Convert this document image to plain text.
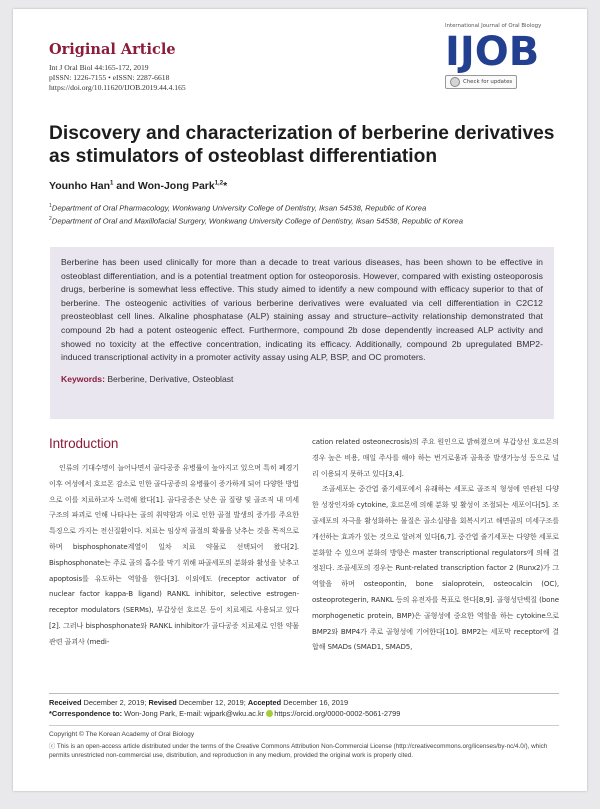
Original Article
Int J Oral Biol 44:165-172, 2019
pISSN: 1226-7155 • eISSN: 2287-6618
https://doi.org/10.11620/IJOB.2019.44.4.165
International Journal of Oral Biology
IJOB
Check for updates
Discovery and characterization of berberine derivatives as stimulators of osteoblast differentiation
Younho Han$^1$ and Won-Jong Park$^{1,2}$*
$^1$Department of Oral Pharmacology, Wonkwang University College of Dentistry, Iksan 54538, Republic of Korea
$^2$Department of Oral and Maxillofacial Surgery, Wonkwang University College of Dentistry, Iksan 54538, Republic of Korea
Berberine has been used clinically for more than a decade to treat various diseases, has been shown to be effective in osteoblast differentiation, and is a potential treatment option for osteoporosis. However, compared with existing osteoporosis drugs, berberine is somewhat less effective. This study aimed to identify a new compound with efficacy superior to that of berberine. The osteogenic activities of various berberine derivatives were evaluated via cell differentiation in C2C12 preosteoblast cell lines. Alkaline phosphatase (ALP) staining assay and structure–activity relationship demonstrated that compound 2b had a potent osteogenic effect. Furthermore, compound 2b dose dependently increased ALP activity and showed no toxicity at the effective concentration, indicating its efficacy. Additionally, compound 2b upregulated BMP2-induced transcriptional activity in a promoter activity assay using ALP, BSP, and OC promoters.
Keywords: Berberine, Derivative, Osteoblast
Introduction

인류의 기대수명이 늘어나면서 골다공증 유병률이 높아지고 있으며 특히 폐경기 이후 여성에서 호르몬 감소로 인한 골다공증의 유병률이 증가하게 되어 다양한 방법으로 이를 치료하고자 노력해 왔다[1]. 골다공증은 낮은 골 질량 및 골조직 내 미세구조의 파괴로 인해 나타나는 골의 취약함과 이로 인한 골절 발생의 증가를 주요한 특징으로 가지는 전신질환이다. 치료는 임상적 골절의 확률을 낮추는 것을 목적으로 하며 bisphosphonate계열이 일차 치료 약물로 선택되어 왔다[2]. Bisphosphonate는 주로 골의 흡수를 막기 위해 파골세포의 분화와 활성을 낮추고 apoptosis를 유도하는 역할을 한다[3]. 이외에도 (receptor activator of nuclear factor kappa-B ligand) RANKL inhibitor, selective estrogen-receptor modulators (SERMs), 부갑상선 호르몬 등이 치료제로 사용되고 있다[2]. 그러나 bisphosphonate와 RANKL inhibitor가 골다공증 치료제로 인한 약물 관련 골괴사 (medi-

cation related osteonecrosis)의 주요 원인으로 밝혀졌으며 부갑상선 호르몬의 경우 높은 비용, 매일 주사를 해야 하는 번거로움과 골육종 발생가능성 등으로 널리 이용되지 못하고 있다[3,4].

조골세포는 중간엽 줄기세포에서 유래하는 세포로 골조직 형성에 연관된 다양한 성장인자와 cytokine, 호르몬에 의해 분화 및 활성이 조절되는 세포이다[5]. 조골세포의 자극을 활성화하는 물질은 골소실량을 회복시키고 해면골의 미세구조를 개선하는 효과가 있는 것으로 알려져 있다[6,7]. 중간엽 줄기세포는 다양한 세포로 분화할 수 있으며 분화의 방향은 master transcriptional regulators에 의해 결정된다. 조골세포의 경우는 Runt-related transcription factor 2 (Runx2)가 그 역할을 하며 osteopontin, bone sialoprotein, osteocalcin (OC), osteoprotegerin, RANKL 등의 유전자를 목표로 한다[8,9]. 골형성단백질 (bone morphogenetic protein, BMP)은 골형성에 중요한 역할을 하는 cytokine으로 BMP2와 BMP4가 주로 골형성에 기여한다[10]. BMP2는 세포막 receptor에 결합해 SMADs (SMAD1, SMAD5,

Received December 2, 2019; Revised December 12, 2019; Accepted December 16, 2019
*Correspondence to: Won-Jong Park, E-mail: wjpark@wku.ac.kr https://orcid.org/0000-0002-5061-2799
Copyright © The Korean Academy of Oral Biology
ⓒ This is an open-access article distributed under the terms of the Creative Commons Attribution Non-Commercial License (http://creativecommons.org/licenses/by-nc/4.0/), which permits unrestricted non-commercial use, distribution, and reproduction in any medium, provided the original work is properly cited.
